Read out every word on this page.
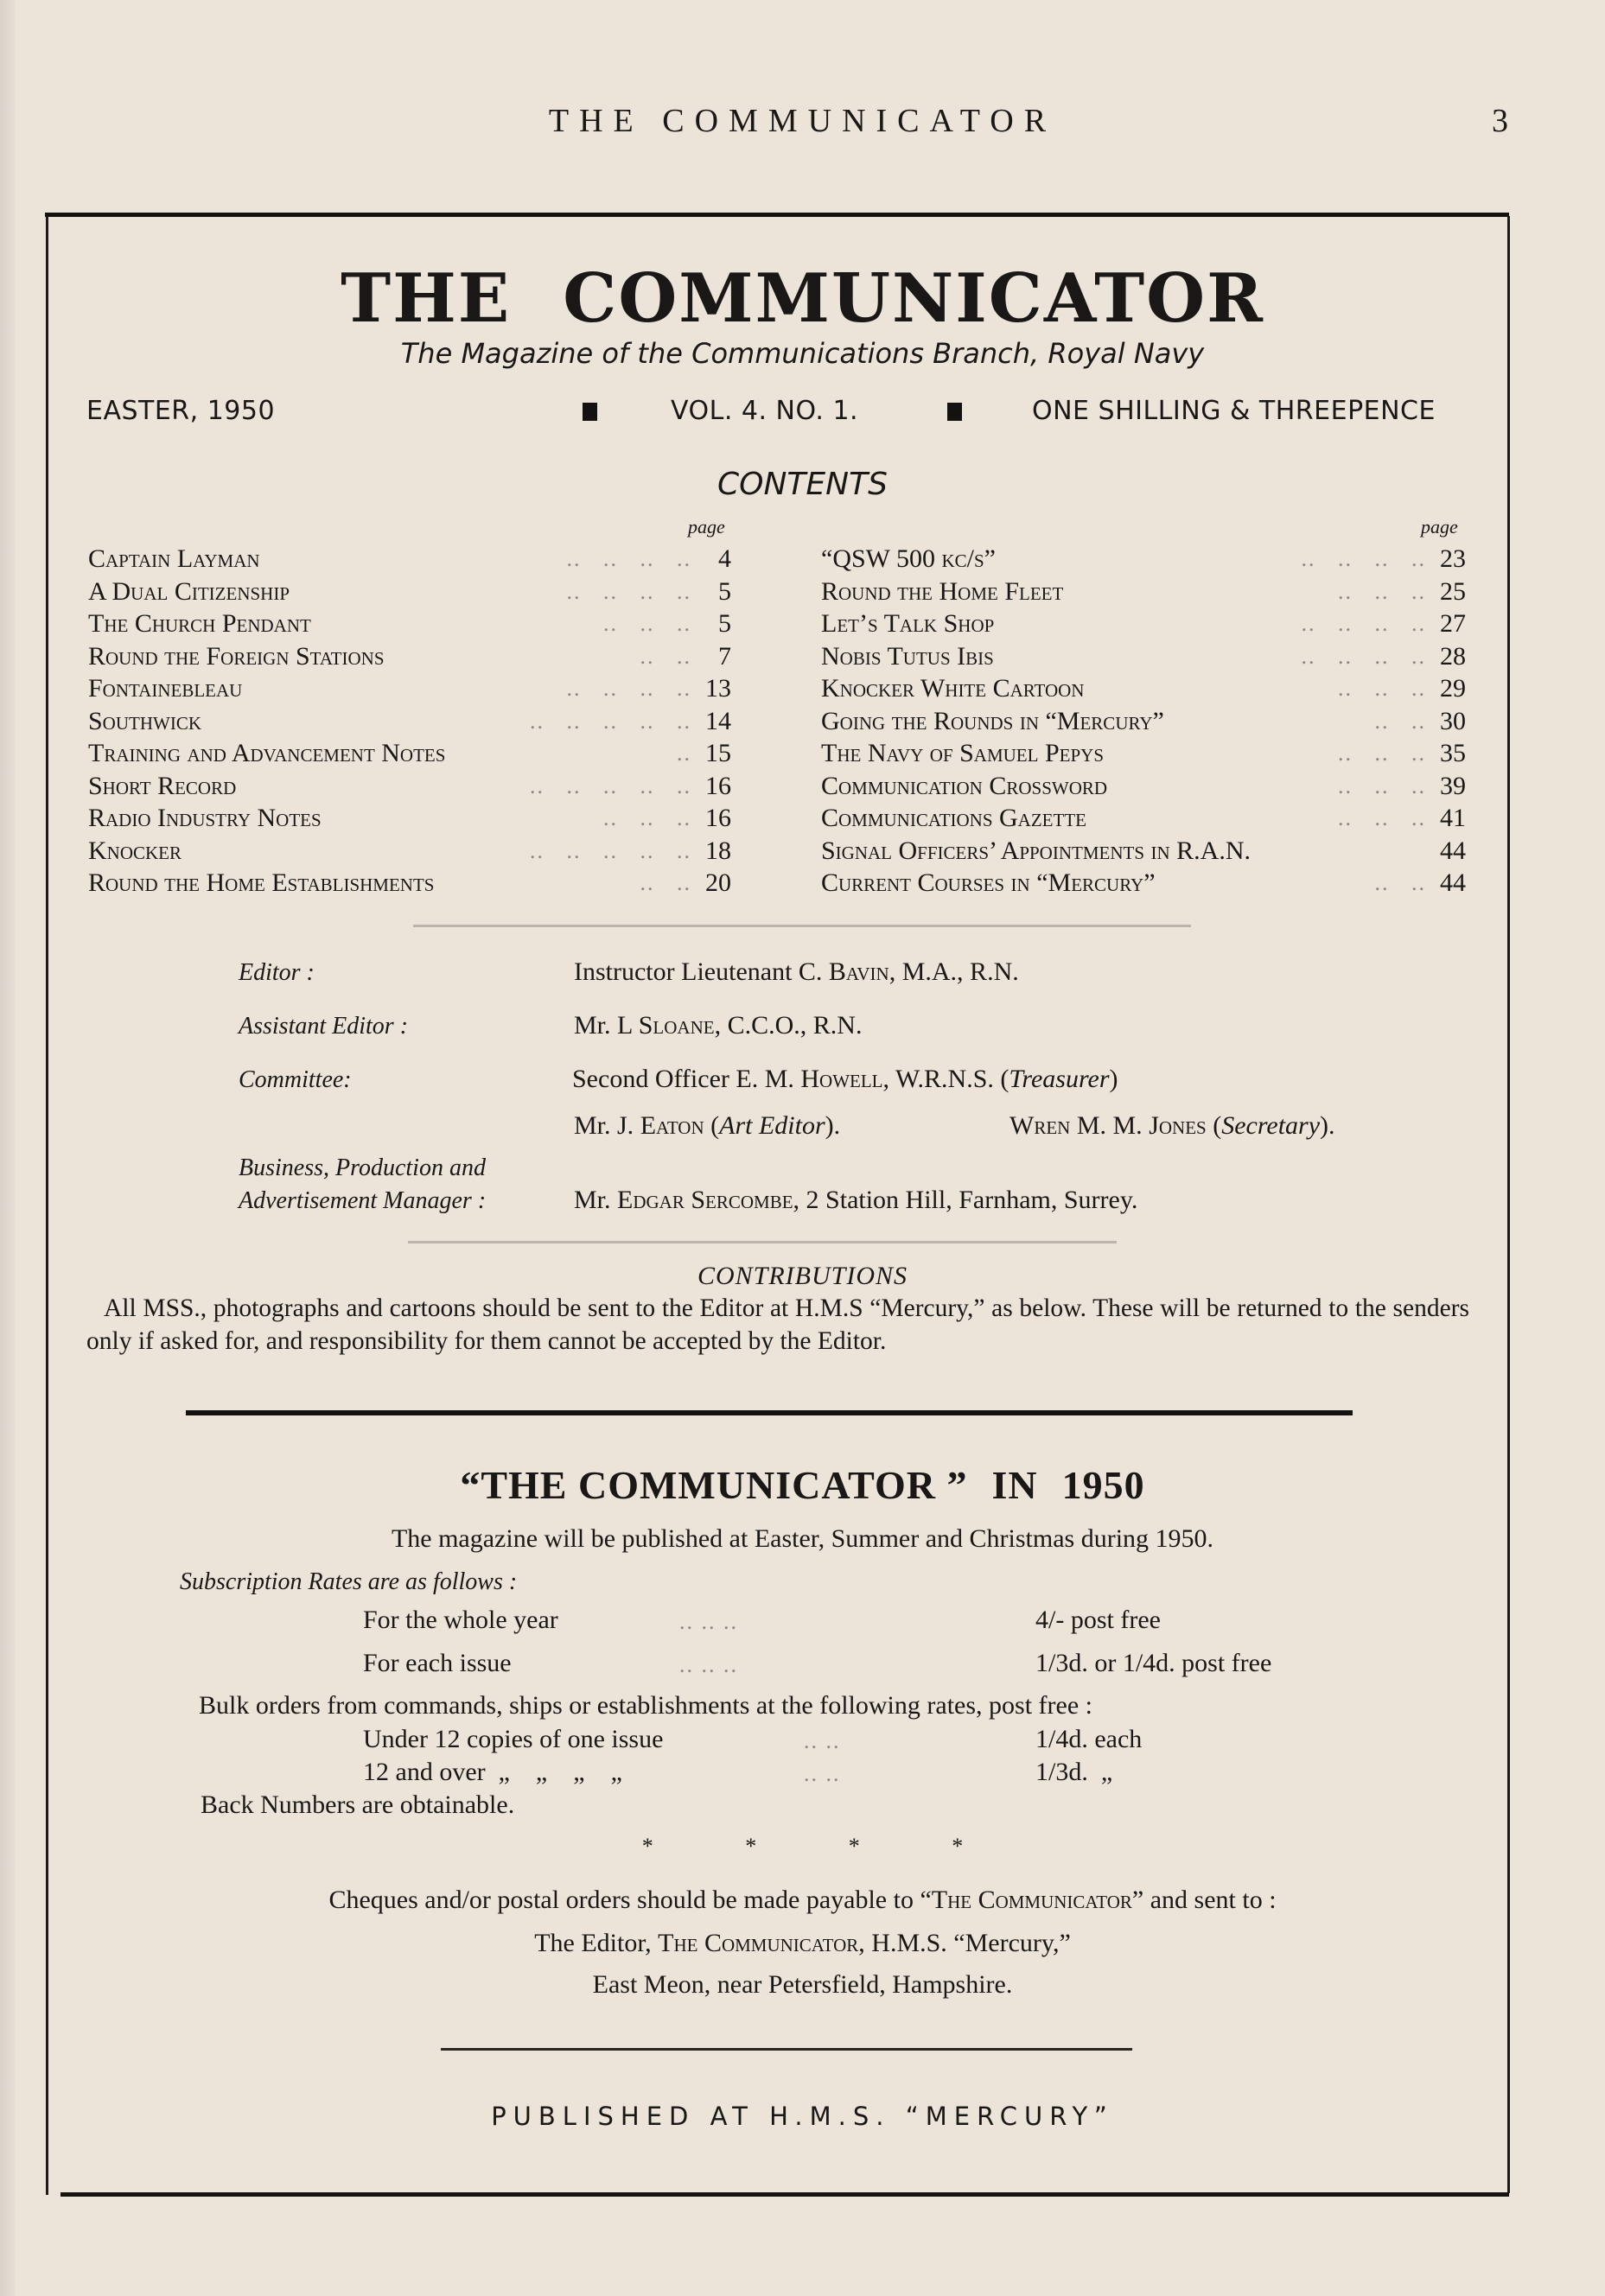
THE COMMUNICATOR	3
THE COMMUNICATOR
The Magazine of the Communications Branch, Royal Navy
EASTER, 1950	VOL. 4. NO. 1.	ONE SHILLING & THREEPENCE
CONTENTS
page	page
Captain Layman	..   ..   ..   .. 4
A Dual Citizenship	..   ..   ..   .. 5
The Church Pendant	..   ..   .. 5
Round the Foreign Stations	..   .. 7
Fontainebleau	..   ..   ..   .. 13
Southwick	..   ..   ..   ..   .. 14
Training and Advancement Notes	.. 15
Short Record	..   ..   ..   ..   .. 16
Radio Industry Notes	..   ..   .. 16
Knocker	..   ..   ..   ..   .. 18
Round the Home Establishments	..   .. 20
“QSW 500 kc/s”	..   ..   ..   .. 23
Round the Home Fleet	..   ..   .. 25
Let’s Talk Shop	..   ..   ..   .. 27
Nobis Tutus Ibis	..   ..   ..   .. 28
Knocker White Cartoon	..   ..   .. 29
Going the Rounds in “Mercury”	..   .. 30
The Navy of Samuel Pepys	..   ..   .. 35
Communication Crossword	..   ..   .. 39
Communications Gazette	..   ..   .. 41
Signal Officers’ Appointments in R.A.N.	44
Current Courses in “Mercury”	..   .. 44
Editor :	Instructor Lieutenant C. Bavin, M.A., R.N.
Assistant Editor :	Mr. L Sloane, C.C.O., R.N.
Committee:	Second Officer E. M. Howell, W.R.N.S. (Treasurer)
Mr. J. Eaton (Art Editor).	Wren M. M. Jones (Secretary).
Business, Production and
Advertisement Manager :	Mr. Edgar Sercombe, 2 Station Hill, Farnham, Surrey.
CONTRIBUTIONS
All MSS., photographs and cartoons should be sent to the Editor at H.M.S “Mercury,” as below. These will be returned to the senders only if asked for, and responsibility for them cannot be accepted by the Editor.
“THE COMMUNICATOR ” IN 1950
The magazine will be published at Easter, Summer and Christmas during 1950.
Subscription Rates are as follows :
For the whole year	.. .. ..	4/- post free
For each issue	.. .. ..	1/3d. or 1/4d. post free
Bulk orders from commands, ships or establishments at the following rates, post free :
Under 12 copies of one issue	.. ..	1/4d. each
12 and over  „    „    „    „	.. ..	1/3d.  „
Back Numbers are obtainable.
* * * *
Cheques and/or postal orders should be made payable to “The Communicator” and sent to :
The Editor, The Communicator, H.M.S. “Mercury,”
East Meon, near Petersfield, Hampshire.
PUBLISHED AT H.M.S. “MERCURY”
